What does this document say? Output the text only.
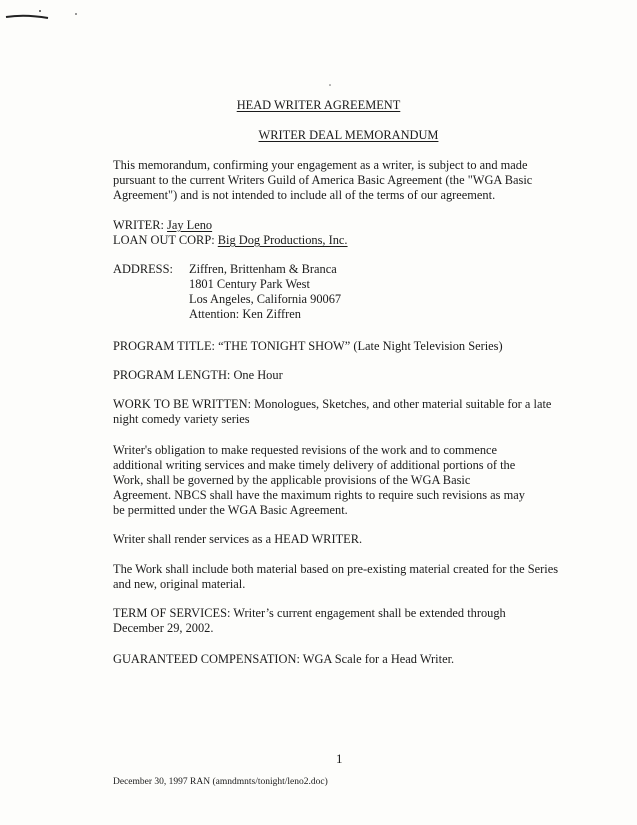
HEAD WRITER AGREEMENT
WRITER DEAL MEMORANDUM
This memorandum, confirming your engagement as a writer, is subject to and made
pursuant to the current Writers Guild of America Basic Agreement (the "WGA Basic
Agreement") and is not intended to include all of the terms of our agreement.
WRITER: Jay Leno
LOAN OUT CORP: Big Dog Productions, Inc.
ADDRESS: Ziffren, Brittenham & Branca
1801 Century Park West
Los Angeles, California 90067
Attention: Ken Ziffren
PROGRAM TITLE: “THE TONIGHT SHOW” (Late Night Television Series)
PROGRAM LENGTH: One Hour
WORK TO BE WRITTEN: Monologues, Sketches, and other material suitable for a late
night comedy variety series
Writer's obligation to make requested revisions of the work and to commence
additional writing services and make timely delivery of additional portions of the
Work, shall be governed by the applicable provisions of the WGA Basic
Agreement. NBCS shall have the maximum rights to require such revisions as may
be permitted under the WGA Basic Agreement.
Writer shall render services as a HEAD WRITER.
The Work shall include both material based on pre-existing material created for the Series
and new, original material.
TERM OF SERVICES: Writer’s current engagement shall be extended through
December 29, 2002.
GUARANTEED COMPENSATION: WGA Scale for a Head Writer.
1
December 30, 1997 RAN (amndmnts/tonight/leno2.doc)
